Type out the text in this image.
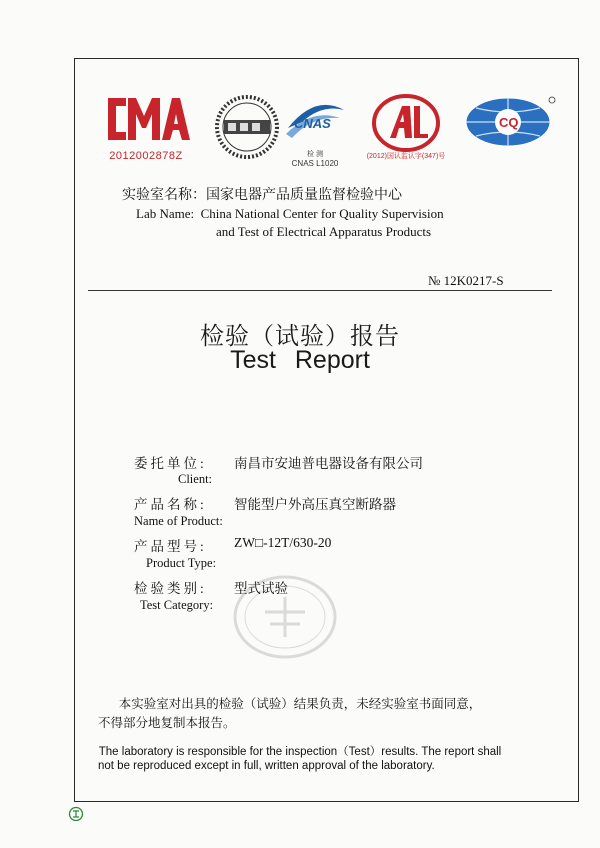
2012002878Z
CNAS
检 测
CNAS L1020
(2012)国认监认字(347)号
CQ
实验室名称：国家电器产品质量监督检验中心
Lab Name:  China National Center for Quality Supervision
and Test of Electrical Apparatus Products
№ 12K0217-S
检验（试验）报告
Test Report
委托单位: 南昌市安迪普电器设备有限公司
Client:
产品名称: 智能型户外高压真空断路器
Name of Product:
产品型号: ZW□-12T/630-20
Product Type:
检验类别: 型式试验
Test Category:
本实验室对出具的检验（试验）结果负责，未经实验室书面同意，
不得部分地复制本报告。
The laboratory is responsible for the inspection（Test）results. The report shall
not be reproduced except in full, written approval of the laboratory.
